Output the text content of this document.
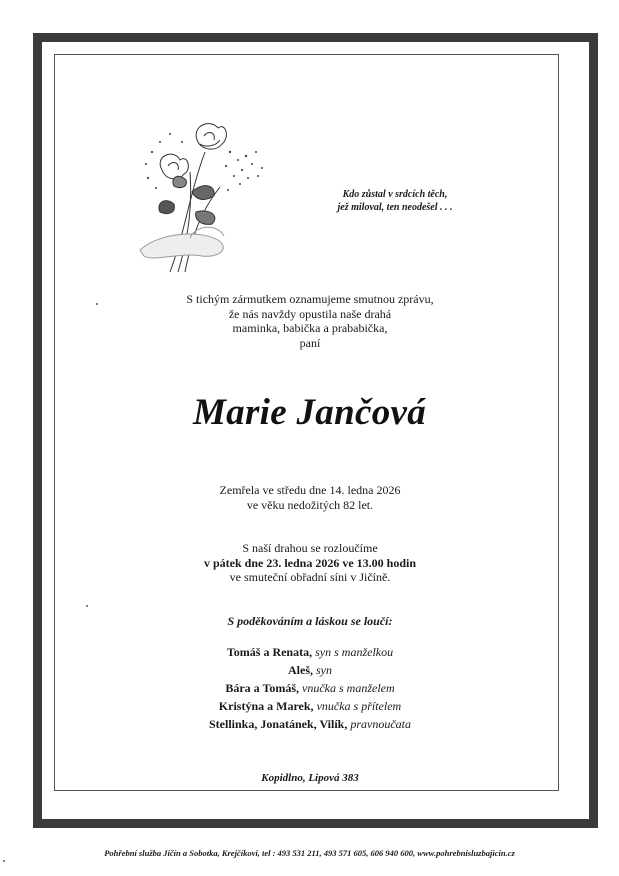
Kdo zůstal v srdcích těch,
jež miloval, ten neodešel . . .
S tichým zármutkem oznamujeme smutnou zprávu,
že nás navždy opustila naše drahá
maminka, babička a prababička,
paní
Marie Jančová
Zemřela ve středu dne 14. ledna 2026
ve věku nedožitých 82 let.
S naší drahou se rozloučíme
v pátek dne 23. ledna 2026 ve 13.00 hodin
ve smuteční obřadní síni v Jičíně.
S poděkováním a láskou se loučí:
Tomáš a Renata, syn s manželkou
Aleš, syn
Bára a Tomáš, vnučka s manželem
Kristýna a Marek, vnučka s přítelem
Stellinka, Jonatánek, Vilík, pravnoučata
Kopidlno, Lipová 383
Pohřební služba Jičín a Sobotka, Krejčíkovi, tel : 493 531 211, 493 571 605, 606 940 600, www.pohrebnisluzbajicin.cz
